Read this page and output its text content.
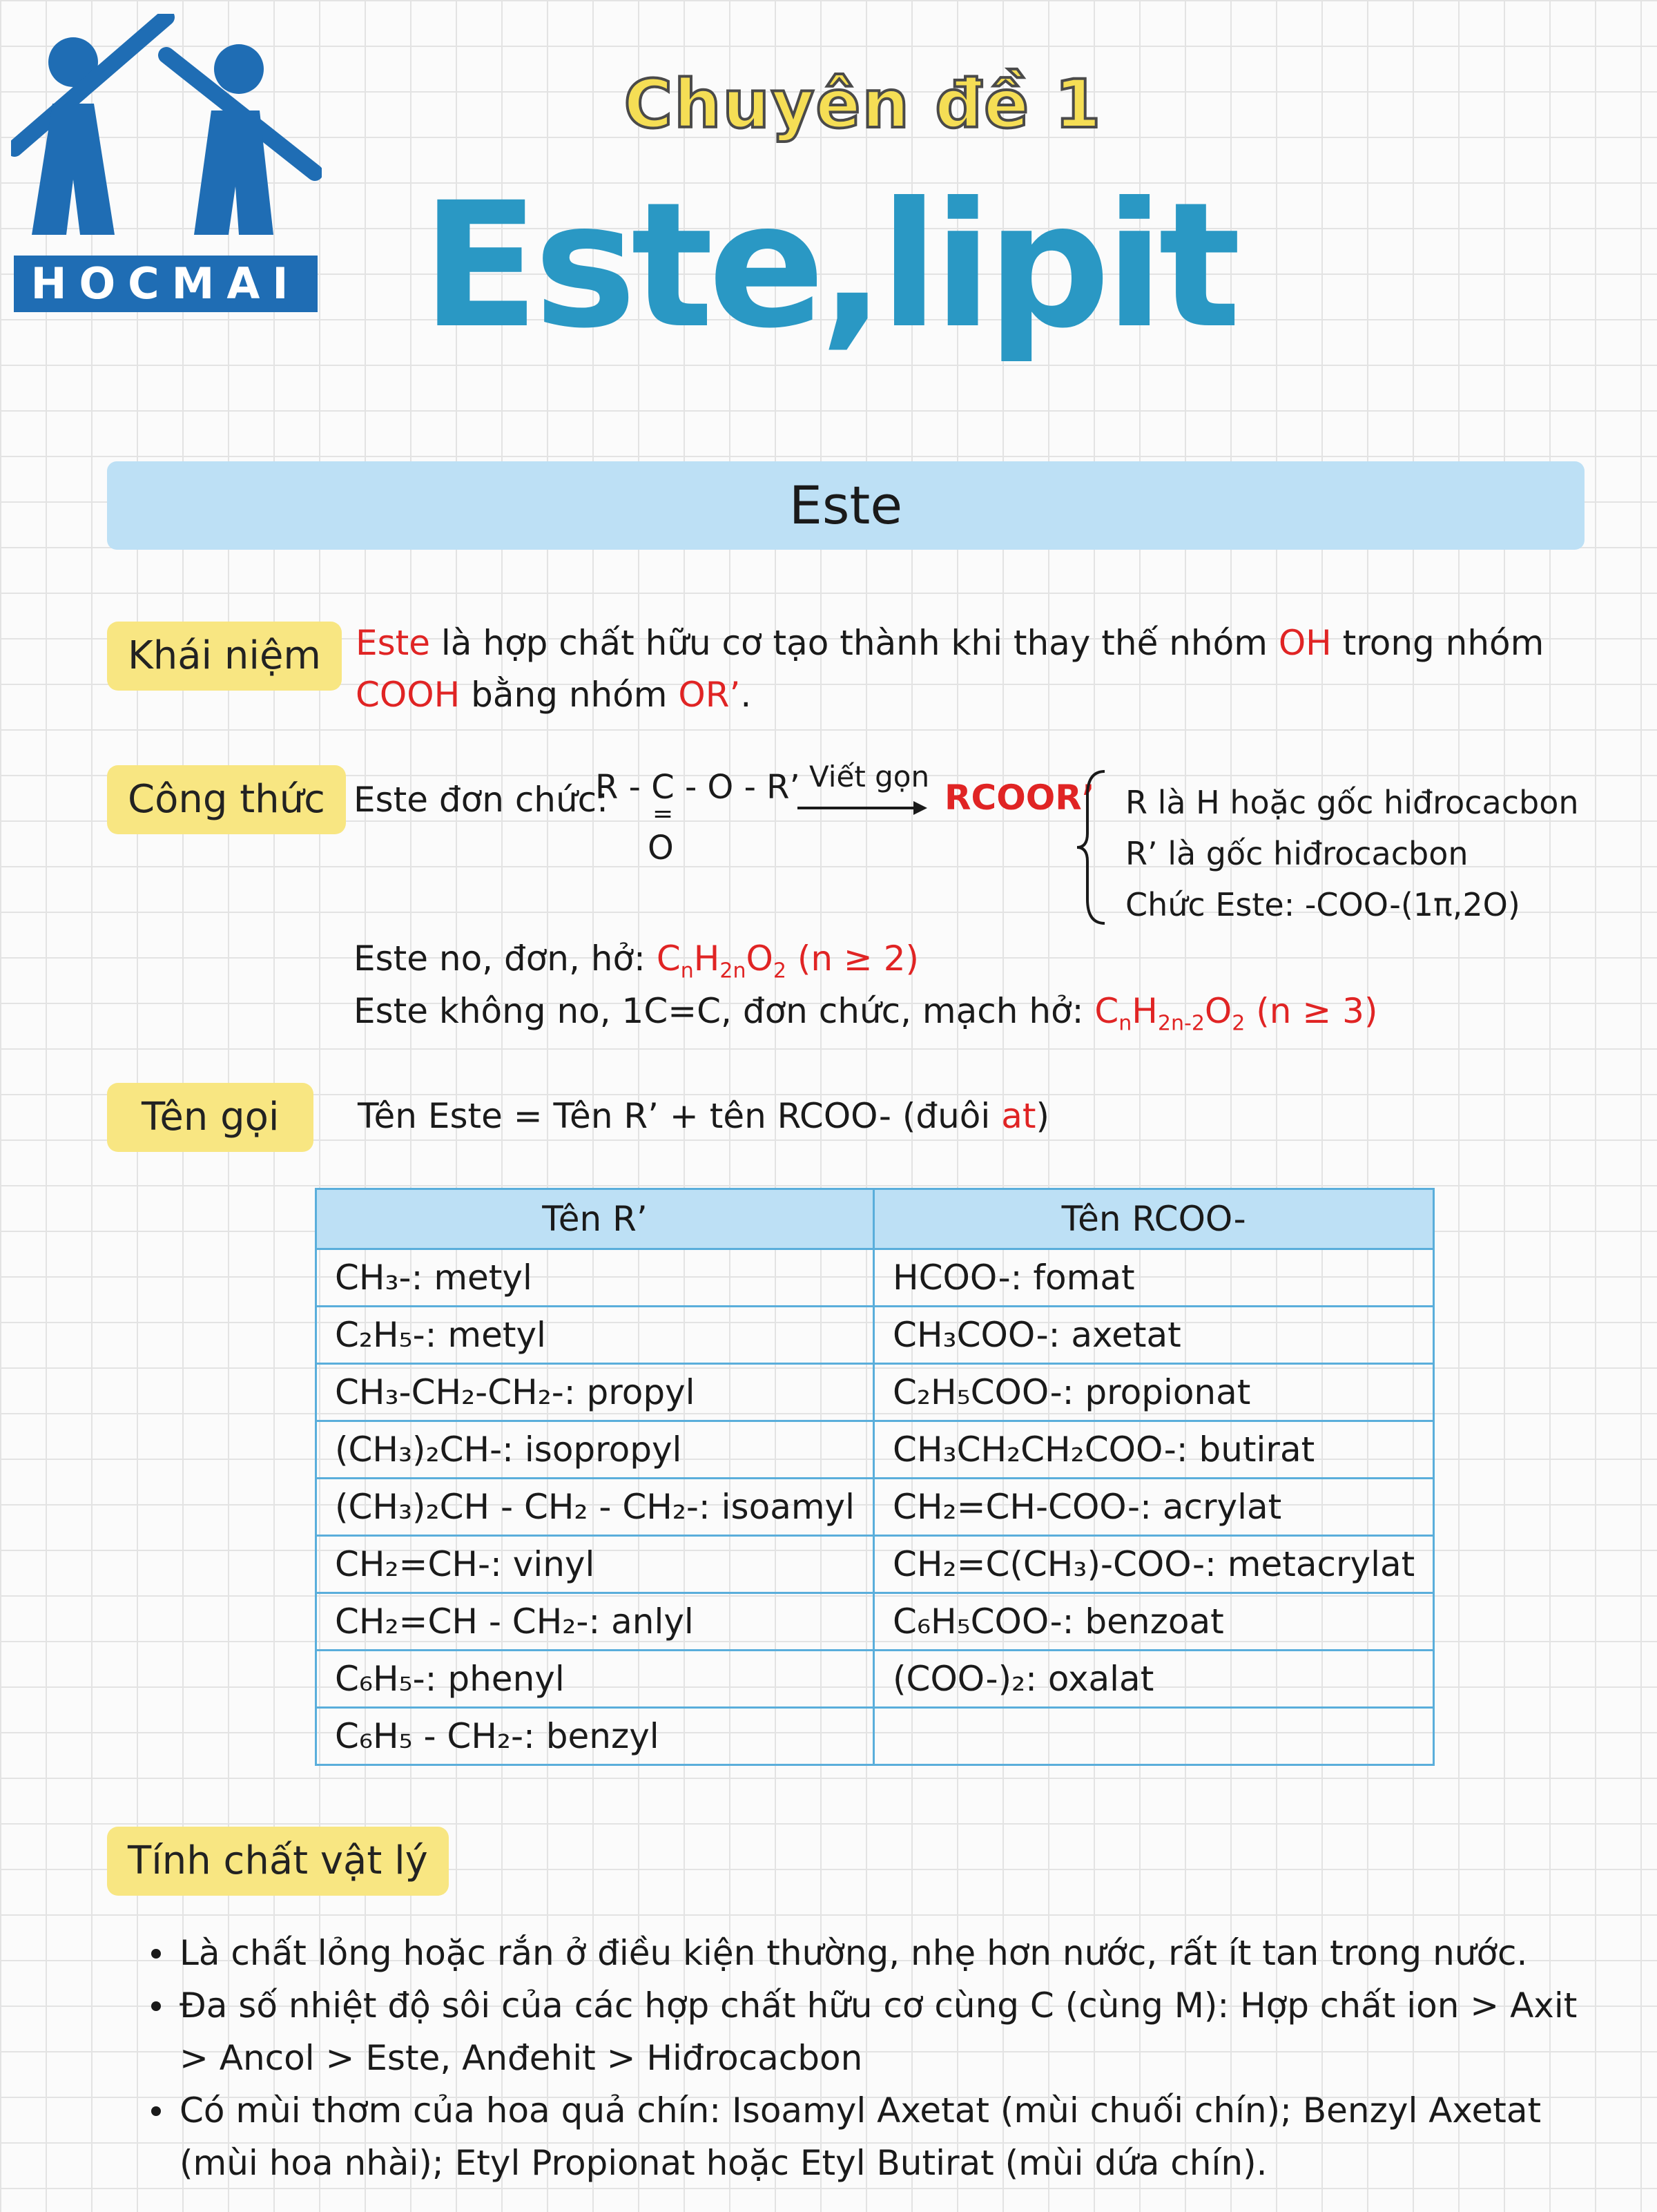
HOCMAI
Chuyên đề 1
Este,lipit
Este
Khái niệm	Este là hợp chất hữu cơ tạo thành khi thay thế nhóm OH trong nhóm
COOH bằng nhóm OR’.
Công thức Este đơn chức:
R - C - O - R’
=
O
Viết gọn
RCOOR’ R là H hoặc gốc hiđrocacbon
R’ là gốc hiđrocacbon
Chức Este: -COO-(1π,2O)
Este no, đơn, hở: $C_nH_{2n}O_2$ (n ≥ 2)
Este không no, 1C=C, đơn chức, mạch hở: $C_nH_{2n-2}O_2$ (n ≥ 3)
Tên gọi	Tên Este = Tên R’ + tên RCOO- (đuôi at)
Tên R’	Tên RCOO-
CH₃-: metyl	HCOO-: fomat
C₂H₅-: metyl	CH₃COO-: axetat
CH₃-CH₂-CH₂-: propyl	C₂H₅COO-: propionat
(CH₃)₂CH-: isopropyl	CH₃CH₂CH₂COO-: butirat
(CH₃)₂CH - CH₂ - CH₂-: isoamyl	CH₂=CH-COO-: acrylat
CH₂=CH-: vinyl	CH₂=C(CH₃)-COO-: metacrylat
CH₂=CH - CH₂-: anlyl	C₆H₅COO-: benzoat
C₆H₅-: phenyl	(COO-)₂: oxalat
C₆H₅ - CH₂-: benzyl	
Tính chất vật lý
Là chất lỏng hoặc rắn ở điều kiện thường, nhẹ hơn nước, rất ít tan trong nước.
Đa số nhiệt độ sôi của các hợp chất hữu cơ cùng C (cùng M): Hợp chất ion > Axit > Ancol > Este, Anđehit > Hiđrocacbon
Có mùi thơm của hoa quả chín: Isoamyl Axetat (mùi chuối chín); Benzyl Axetat (mùi hoa nhài); Etyl Propionat hoặc Etyl Butirat (mùi dứa chín).
